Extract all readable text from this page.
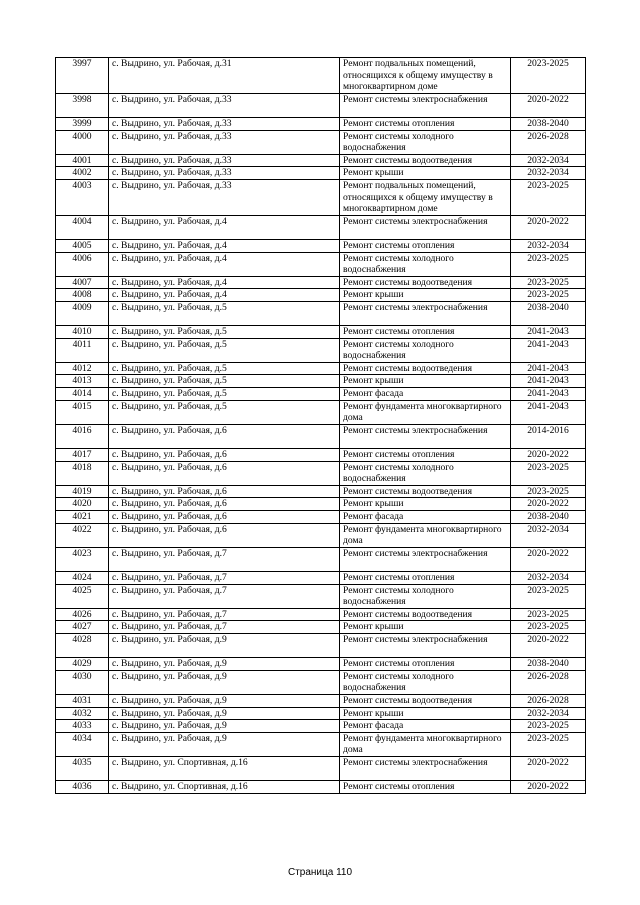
3997	с. Выдрино, ул. Рабочая, д.31	Ремонт подвальных помещений, относящихся к общему имуществу в многоквартирном доме	2023-2025
3998	с. Выдрино, ул. Рабочая, д.33	Ремонт системы электроснабжения	2020-2022
3999	с. Выдрино, ул. Рабочая, д.33	Ремонт системы отопления	2038-2040
4000	с. Выдрино, ул. Рабочая, д.33	Ремонт системы холодного водоснабжения	2026-2028
4001	с. Выдрино, ул. Рабочая, д.33	Ремонт системы водоотведения	2032-2034
4002	с. Выдрино, ул. Рабочая, д.33	Ремонт крыши	2032-2034
4003	с. Выдрино, ул. Рабочая, д.33	Ремонт подвальных помещений, относящихся к общему имуществу в многоквартирном доме	2023-2025
4004	с. Выдрино, ул. Рабочая, д.4	Ремонт системы электроснабжения	2020-2022
4005	с. Выдрино, ул. Рабочая, д.4	Ремонт системы отопления	2032-2034
4006	с. Выдрино, ул. Рабочая, д.4	Ремонт системы холодного водоснабжения	2023-2025
4007	с. Выдрино, ул. Рабочая, д.4	Ремонт системы водоотведения	2023-2025
4008	с. Выдрино, ул. Рабочая, д.4	Ремонт крыши	2023-2025
4009	с. Выдрино, ул. Рабочая, д.5	Ремонт системы электроснабжения	2038-2040
4010	с. Выдрино, ул. Рабочая, д.5	Ремонт системы отопления	2041-2043
4011	с. Выдрино, ул. Рабочая, д.5	Ремонт системы холодного водоснабжения	2041-2043
4012	с. Выдрино, ул. Рабочая, д.5	Ремонт системы водоотведения	2041-2043
4013	с. Выдрино, ул. Рабочая, д.5	Ремонт крыши	2041-2043
4014	с. Выдрино, ул. Рабочая, д.5	Ремонт фасада	2041-2043
4015	с. Выдрино, ул. Рабочая, д.5	Ремонт фундамента многоквартирного дома	2041-2043
4016	с. Выдрино, ул. Рабочая, д.6	Ремонт системы электроснабжения	2014-2016
4017	с. Выдрино, ул. Рабочая, д.6	Ремонт системы отопления	2020-2022
4018	с. Выдрино, ул. Рабочая, д.6	Ремонт системы холодного водоснабжения	2023-2025
4019	с. Выдрино, ул. Рабочая, д.6	Ремонт системы водоотведения	2023-2025
4020	с. Выдрино, ул. Рабочая, д.6	Ремонт крыши	2020-2022
4021	с. Выдрино, ул. Рабочая, д.6	Ремонт фасада	2038-2040
4022	с. Выдрино, ул. Рабочая, д.6	Ремонт фундамента многоквартирного дома	2032-2034
4023	с. Выдрино, ул. Рабочая, д.7	Ремонт системы электроснабжения	2020-2022
4024	с. Выдрино, ул. Рабочая, д.7	Ремонт системы отопления	2032-2034
4025	с. Выдрино, ул. Рабочая, д.7	Ремонт системы холодного водоснабжения	2023-2025
4026	с. Выдрино, ул. Рабочая, д.7	Ремонт системы водоотведения	2023-2025
4027	с. Выдрино, ул. Рабочая, д.7	Ремонт крыши	2023-2025
4028	с. Выдрино, ул. Рабочая, д.9	Ремонт системы электроснабжения	2020-2022
4029	с. Выдрино, ул. Рабочая, д.9	Ремонт системы отопления	2038-2040
4030	с. Выдрино, ул. Рабочая, д.9	Ремонт системы холодного водоснабжения	2026-2028
4031	с. Выдрино, ул. Рабочая, д.9	Ремонт системы водоотведения	2026-2028
4032	с. Выдрино, ул. Рабочая, д.9	Ремонт крыши	2032-2034
4033	с. Выдрино, ул. Рабочая, д.9	Ремонт фасада	2023-2025
4034	с. Выдрино, ул. Рабочая, д.9	Ремонт фундамента многоквартирного дома	2023-2025
4035	с. Выдрино, ул. Спортивная, д.16	Ремонт системы электроснабжения	2020-2022
4036	с. Выдрино, ул. Спортивная, д.16	Ремонт системы отопления	2020-2022
Страница 110
